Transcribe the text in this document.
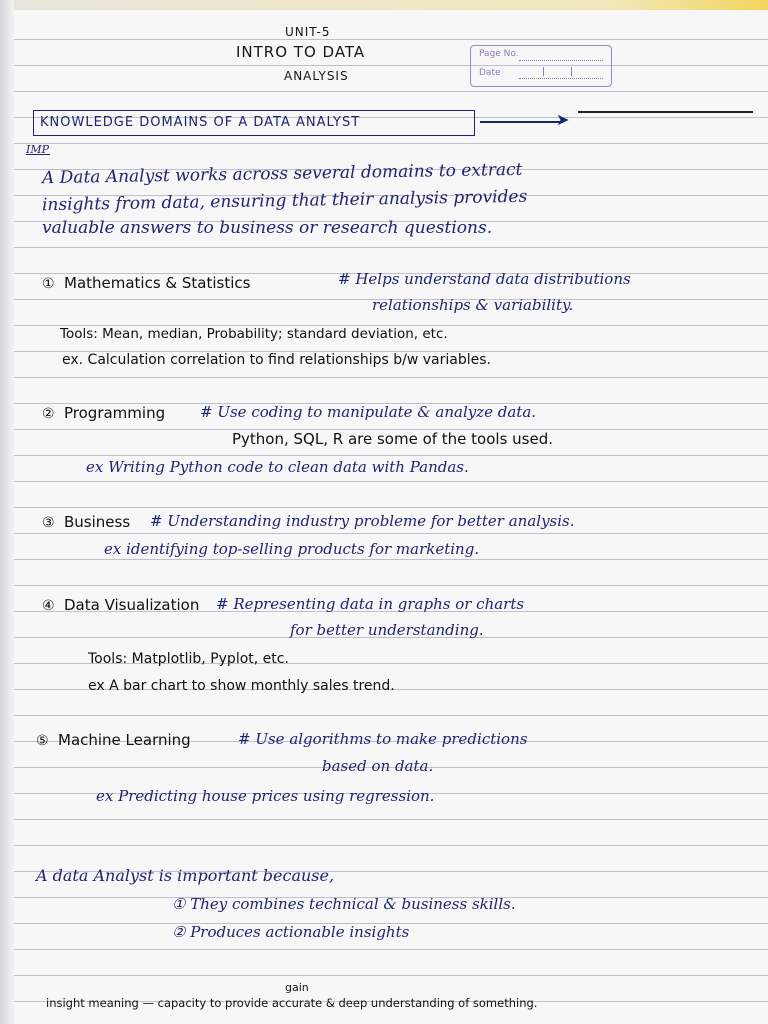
UNIT-5
INTRO TO DATA
ANALYSIS
Page No.
Date
KNOWLEDGE DOMAINS OF A DATA ANALYST	➤
IMP
A Data Analyst works across several domains to extract
insights from data, ensuring that their analysis provides
valuable answers to business or research questions.
① Mathematics & Statistics	# Helps understand data distributions
relationships & variability.
Tools: Mean, median, Probability; standard deviation, etc.
ex. Calculation correlation to find relationships b/w variables.
② Programming # Use coding to manipulate & analyze data.
Python, SQL, R are some of the tools used.
ex Writing Python code to clean data with Pandas.
③ Business # Understanding industry probleme for better analysis.
ex identifying top-selling products for marketing.
④ Data Visualization # Representing data in graphs or charts
for better understanding.
Tools: Matplotlib, Pyplot, etc.
ex A bar chart to show monthly sales trend.
⑤ Machine Learning	# Use algorithms to make predictions
based on data.
ex Predicting house prices using regression.
A data Analyst is important because,
① They combines technical & business skills.
② Produces actionable insights
gain
insight meaning — capacity to provide accurate & deep understanding of something.
